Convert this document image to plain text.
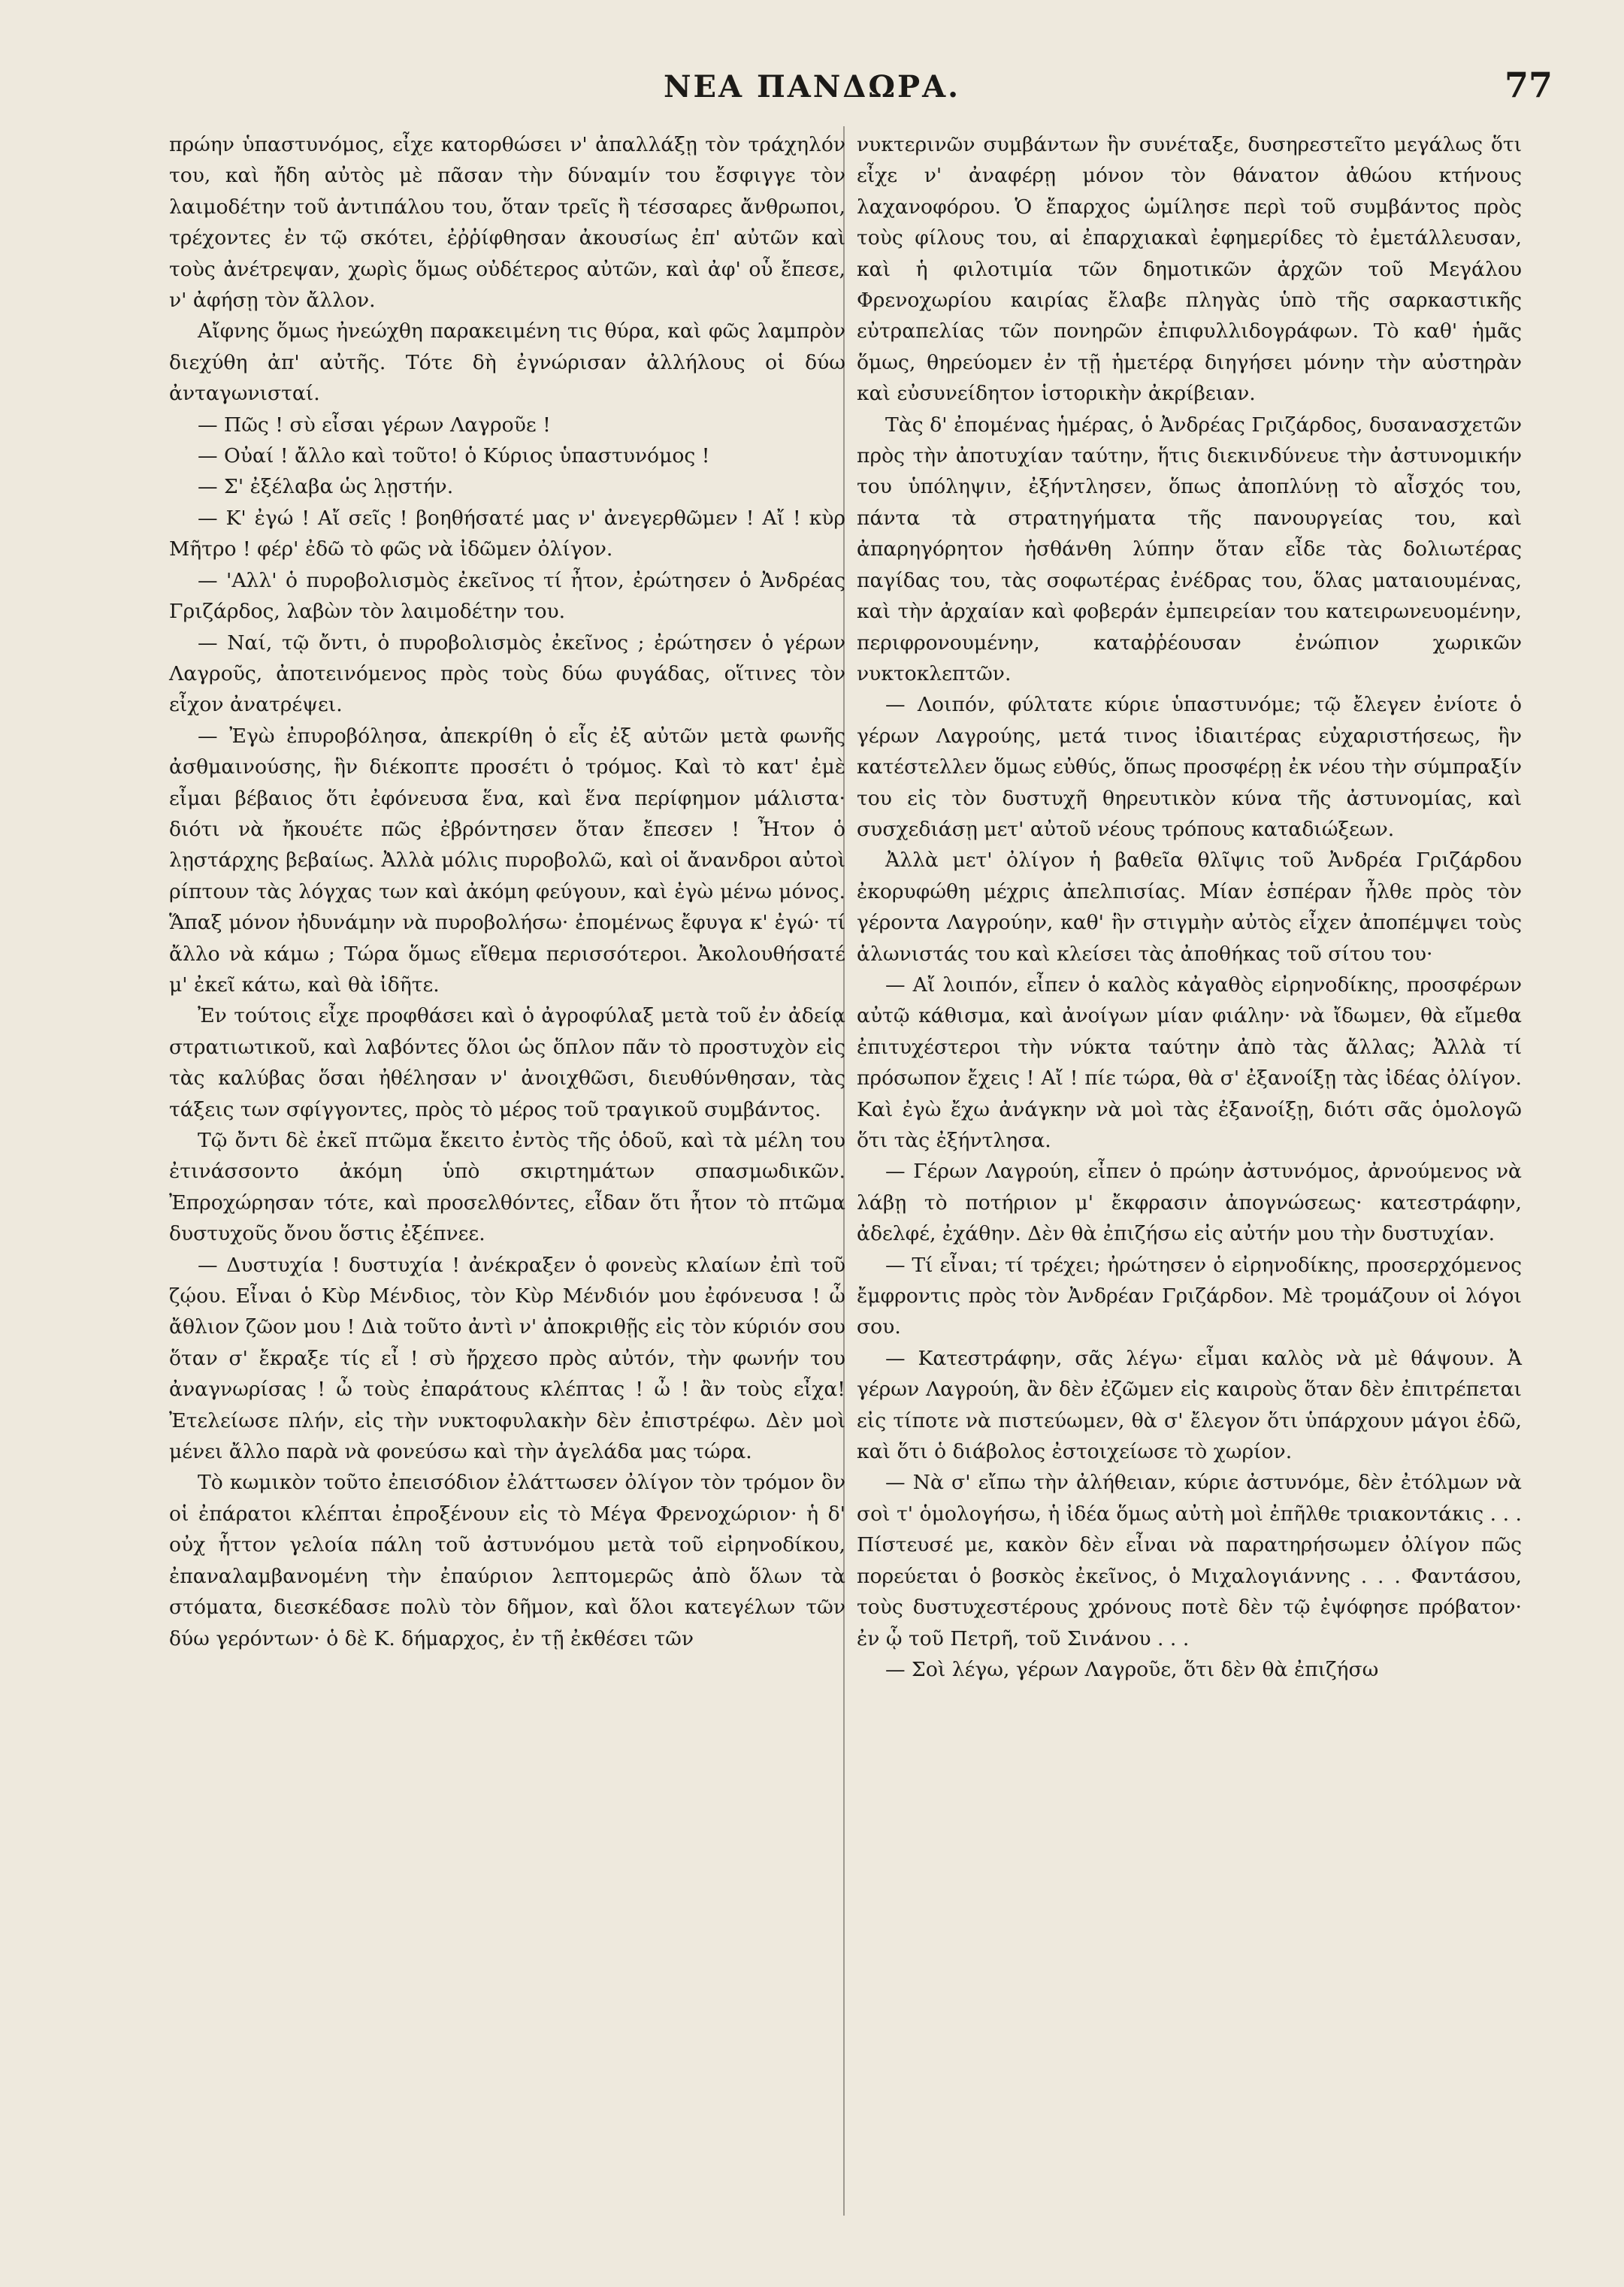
ΝΕΑ ΠΑΝΔΩΡΑ.	77

πρώην ὑπαστυνόμος, εἶχε κατορθώσει ν' ἀπαλλάξῃ τὸν τράχηλόν του, καὶ ἤδη αὐτὸς μὲ πᾶσαν τὴν δύναμίν του ἔσφιγγε τὸν λαιμοδέτην τοῦ ἀντιπάλου του, ὅταν τρεῖς ἢ τέσσαρες ἄνθρωποι, τρέχοντες ἐν τῷ σκότει, ἐῤῥίφθησαν ἀκουσίως ἐπ' αὐτῶν καὶ τοὺς ἀνέτρεψαν, χωρὶς ὅμως οὐδέτερος αὐτῶν, καὶ ἀφ' οὗ ἔπεσε, ν' ἀφήσῃ τὸν ἄλλον.

Αἴφνης ὅμως ἠνεώχθη παρακειμένη τις θύρα, καὶ φῶς λαμπρὸν διεχύθη ἀπ' αὐτῆς. Τότε δὴ ἐγνώρισαν ἀλλήλους οἱ δύω ἀνταγωνισταί.

— Πῶς ! σὺ εἶσαι γέρων Λαγροῦε !

— Οὐαί ! ἄλλο καὶ τοῦτο! ὁ Κύριος ὑπαστυνόμος !

— Σ' ἐξέλαβα ὡς λῃστήν.

— Κ' ἐγώ ! Αἴ σεῖς ! βοηθήσατέ μας ν' ἀνεγερθῶμεν ! Αἴ ! κὺρ Μῆτρο ! φέρ' ἐδῶ τὸ φῶς νὰ ἰδῶμεν ὀλίγον.

— 'Αλλ' ὁ πυροβολισμὸς ἐκεῖνος τί ἦτον, ἐρώτησεν ὁ Ἀνδρέας Γριζάρδος, λαβὼν τὸν λαιμοδέτην του.

— Ναί, τῷ ὄντι, ὁ πυροβολισμὸς ἐκεῖνος ; ἐρώτησεν ὁ γέρων Λαγροῦς, ἀποτεινόμενος πρὸς τοὺς δύω φυγάδας, οἵτινες τὸν εἶχον ἀνατρέψει.

— Ἐγὼ ἐπυροβόλησα, ἀπεκρίθη ὁ εἷς ἐξ αὐτῶν μετὰ φωνῆς ἀσθμαινούσης, ἣν διέκοπτε προσέτι ὁ τρόμος. Καὶ τὸ κατ' ἐμὲ εἶμαι βέβαιος ὅτι ἐφόνευσα ἕνα, καὶ ἕνα περίφημον μάλιστα· διότι νὰ ἤκουέτε πῶς ἐβρόντησεν ὅταν ἔπεσεν ! Ἦτον ὁ λῃστάρχης βεβαίως. Ἀλλὰ μόλις πυροβολῶ, καὶ οἱ ἄνανδροι αὐτοὶ ρίπτουν τὰς λόγχας των καὶ ἀκόμη φεύγουν, καὶ ἐγὼ μένω μόνος. Ἅπαξ μόνον ἠδυνάμην νὰ πυροβολήσω· ἐπομένως ἔφυγα κ' ἐγώ· τί ἄλλο νὰ κάμω ; Τώρα ὅμως εἴθεμα περισσότεροι. Ἀκολουθήσατέ μ' ἐκεῖ κάτω, καὶ θὰ ἰδῆτε.

Ἐν τούτοις εἶχε προφθάσει καὶ ὁ ἀγροφύλαξ μετὰ τοῦ ἐν ἀδείᾳ στρατιωτικοῦ, καὶ λαβόντες ὅλοι ὡς ὅπλον πᾶν τὸ προστυχὸν εἰς τὰς καλύβας ὅσαι ἠθέλησαν ν' ἀνοιχθῶσι, διευθύνθησαν, τὰς τάξεις των σφίγγοντες, πρὸς τὸ μέρος τοῦ τραγικοῦ συμβάντος.

Τῷ ὄντι δὲ ἐκεῖ πτῶμα ἔκειτο ἐντὸς τῆς ὁδοῦ, καὶ τὰ μέλη του ἐτινάσσοντο ἀκόμη ὑπὸ σκιρτημάτων σπασμωδικῶν. Ἐπροχώρησαν τότε, καὶ προσελθόντες, εἶδαν ὅτι ἦτον τὸ πτῶμα δυστυχοῦς ὄνου ὅστις ἐξέπνεε.

— Δυστυχία ! δυστυχία ! ἀνέκραξεν ὁ φονεὺς κλαίων ἐπὶ τοῦ ζῴου. Εἶναι ὁ Κὺρ Μένδιος, τὸν Κὺρ Μένδιόν μου ἐφόνευσα ! ὦ ἄθλιον ζῶον μου ! Διὰ τοῦτο ἀντὶ ν' ἀποκριθῇς εἰς τὸν κύριόν σου ὅταν σ' ἔκραξε τίς εἶ ! σὺ ἤρχεσο πρὸς αὐτόν, τὴν φωνήν του ἀναγνωρίσας ! ὦ τοὺς ἐπαράτους κλέπτας ! ὦ ! ἂν τοὺς εἶχα! Ἐτελείωσε πλήν, εἰς τὴν νυκτοφυλακὴν δὲν ἐπιστρέφω. Δὲν μοὶ μένει ἄλλο παρὰ νὰ φονεύσω καὶ τὴν ἀγελάδα μας τώρα.

Τὸ κωμικὸν τοῦτο ἐπεισόδιον ἐλάττωσεν ὀλίγον τὸν τρόμον ὃν οἱ ἐπάρατοι κλέπται ἐπροξένουν εἰς τὸ Μέγα Φρενοχώριον· ἡ δ' οὐχ ἧττον γελοία πάλη τοῦ ἀστυνόμου μετὰ τοῦ εἰρηνοδίκου, ἐπαναλαμβανομένη τὴν ἐπαύριον λεπτομερῶς ἀπὸ ὅλων τὰ στόματα, διεσκέδασε πολὺ τὸν δῆμον, καὶ ὅλοι κατεγέλων τῶν δύω γερόντων· ὁ δὲ Κ. δήμαρχος, ἐν τῇ ἐκθέσει τῶν

νυκτερινῶν συμβάντων ἣν συνέταξε, δυσηρεστεῖτο μεγάλως ὅτι εἶχε ν' ἀναφέρῃ μόνον τὸν θάνατον ἀθώου κτήνους λαχανοφόρου. Ὁ ἔπαρχος ὡμίλησε περὶ τοῦ συμβάντος πρὸς τοὺς φίλους του, αἱ ἐπαρχιακαὶ ἐφημερίδες τὸ ἐμετάλλευσαν, καὶ ἡ φιλοτιμία τῶν δημοτικῶν ἀρχῶν τοῦ Μεγάλου Φρενοχωρίου καιρίας ἔλαβε πληγὰς ὑπὸ τῆς σαρκαστικῆς εὐτραπελίας τῶν πονηρῶν ἐπιφυλλιδογράφων. Τὸ καθ' ἡμᾶς ὅμως, θηρεύομεν ἐν τῇ ἡμετέρᾳ διηγήσει μόνην τὴν αὐστηρὰν καὶ εὐσυνείδητον ἱστορικὴν ἀκρίβειαν.

Τὰς δ' ἐπομένας ἡμέρας, ὁ Ἀνδρέας Γριζάρδος, δυσανασχετῶν πρὸς τὴν ἀποτυχίαν ταύτην, ἥτις διεκινδύνευε τὴν ἀστυνομικήν του ὑπόληψιν, ἐξήντλησεν, ὅπως ἀποπλύνῃ τὸ αἶσχός του, πάντα τὰ στρατηγήματα τῆς πανουργείας του, καὶ ἀπαρηγόρητον ἠσθάνθη λύπην ὅταν εἶδε τὰς δολιωτέρας παγίδας του, τὰς σοφωτέρας ἐνέδρας του, ὅλας ματαιουμένας, καὶ τὴν ἀρχαίαν καὶ φοβεράν ἐμπειρείαν του κατειρωνευομένην, περιφρονουμένην, καταῤῥέουσαν ἐνώπιον χωρικῶν νυκτοκλεπτῶν.

— Λοιπόν, φύλτατε κύριε ὑπαστυνόμε; τῷ ἔλεγεν ἐνίοτε ὁ γέρων Λαγρούης, μετά τινος ἰδιαιτέρας εὐχαριστήσεως, ἣν κατέστελλεν ὅμως εὐθύς, ὅπως προσφέρῃ ἐκ νέου τὴν σύμπραξίν του εἰς τὸν δυστυχῆ θηρευτικὸν κύνα τῆς ἀστυνομίας, καὶ συσχεδιάσῃ μετ' αὐτοῦ νέους τρόπους καταδιώξεων.

Ἀλλὰ μετ' ὀλίγον ἡ βαθεῖα θλῖψις τοῦ Ἀνδρέα Γριζάρδου ἐκορυφώθη μέχρις ἀπελπισίας. Μίαν ἑσπέραν ἦλθε πρὸς τὸν γέροντα Λαγρούην, καθ' ἣν στιγμὴν αὐτὸς εἶχεν ἀποπέμψει τοὺς ἁλωνιστάς του καὶ κλείσει τὰς ἀποθήκας τοῦ σίτου του·

— Αἴ λοιπόν, εἶπεν ὁ καλὸς κἀγαθὸς εἰρηνοδίκης, προσφέρων αὐτῷ κάθισμα, καὶ ἀνοίγων μίαν φιάλην· νὰ ἴδωμεν, θὰ εἴμεθα ἐπιτυχέστεροι τὴν νύκτα ταύτην ἀπὸ τὰς ἄλλας; Ἀλλὰ τί πρόσωπον ἔχεις ! Αἴ ! πίε τώρα, θὰ σ' ἐξανοίξῃ τὰς ἰδέας ὀλίγον. Καὶ ἐγὼ ἔχω ἀνάγκην νὰ μοὶ τὰς ἐξανοίξῃ, διότι σᾶς ὁμολογῶ ὅτι τὰς ἐξήντλησα.

— Γέρων Λαγρούη, εἶπεν ὁ πρώην ἀστυνόμος, ἀρνούμενος νὰ λάβῃ τὸ ποτήριον μ' ἔκφρασιν ἀπογνώσεως· κατεστράφην, ἀδελφέ, ἐχάθην. Δὲν θὰ ἐπιζήσω εἰς αὐτήν μου τὴν δυστυχίαν.

— Τί εἶναι; τί τρέχει; ἠρώτησεν ὁ εἰρηνοδίκης, προσερχόμενος ἔμφροντις πρὸς τὸν Ἀνδρέαν Γριζάρδον. Μὲ τρομάζουν οἱ λόγοι σου.

— Κατεστράφην, σᾶς λέγω· εἶμαι καλὸς νὰ μὲ θάψουν. Ἀ γέρων Λαγρούη, ἂν δὲν ἐζῶμεν εἰς καιροὺς ὅταν δὲν ἐπιτρέπεται εἰς τίποτε νὰ πιστεύωμεν, θὰ σ' ἔλεγον ὅτι ὑπάρχουν μάγοι ἐδῶ, καὶ ὅτι ὁ διάβολος ἐστοιχείωσε τὸ χωρίον.

— Νὰ σ' εἴπω τὴν ἀλήθειαν, κύριε ἀστυνόμε, δὲν ἐτόλμων νὰ σοὶ τ' ὁμολογήσω, ἡ ἰδέα ὅμως αὐτὴ μοὶ ἐπῆλθε τριακοντάκις . . . Πίστευσέ με, κακὸν δὲν εἶναι νὰ παρατηρήσωμεν ὀλίγον πῶς πορεύεται ὁ βοσκὸς ἐκεῖνος, ὁ Μιχαλογιάννης . . . Φαντάσου, τοὺς δυστυχεστέρους χρόνους ποτὲ δὲν τῷ ἐψόφησε πρόβατον· ἐν ᾧ τοῦ Πετρῆ, τοῦ Σινάνου . . .

— Σοὶ λέγω, γέρων Λαγροῦε, ὅτι δὲν θὰ ἐπιζήσω
